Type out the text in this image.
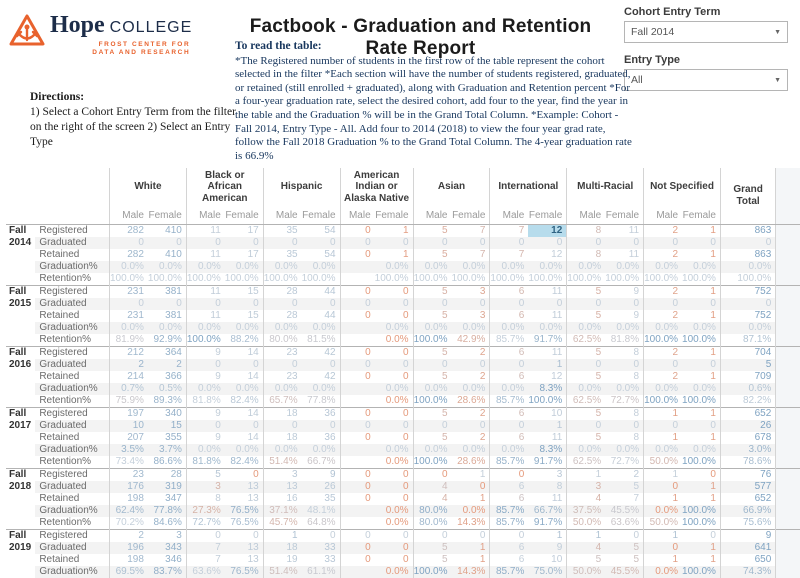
Hope COLLEGE
FROST CENTER FOR
DATA AND RESEARCH
Factbook - Graduation and Retention Rate Report
Cohort Entry Term
Fall 2014	▼
Entry Type
All	▼
Directions:
1) Select a Cohort Entry Term from the filter on the right of the screen 2) Select an Entry Type
To read the table:
*The Registered number of students in the first row of the table represent the cohort selected in the filter *Each section will have the number of students registered, graduated, or retained (still enrolled + graduated), along with Graduation and Retention percent *For a four-year graduation rate, select the desired cohort, add four to the year, find the year in the table and the Graduation % will be in the Grand Total Column. *Example: Cohort - Fall 2014, Entry Type - All. Add four to 2014 (2018) to view the four year grad rate, follow the Fall 2018 Graduation % to the Grand Total Column. The 4-year graduation rate is 66.9%
		White		Black or African American		Hispanic		American Indian or Alaska Native		Asian		International		Multi-Racial		Not Specified		Grand Total	
		Male	Female	Male	Female	Male	Female	Male	Female	Male	Female	Male	Female	Male	Female	Male	Female		

Fall
2014	Registered	282	410	11	17	35	54	0	1	5	7	7	12	8	11	2	1	863	
	Graduated	0	0	0	0	0	0	0	0	0	0	0	0	0	0	0	0	0	
	Retained	282	410	11	17	35	54	0	1	5	7	7	12	8	11	2	1	863	
	Graduation%	0.0%	0.0%	0.0%	0.0%	0.0%	0.0%		0.0%	0.0%	0.0%	0.0%	0.0%	0.0%	0.0%	0.0%	0.0%	0.0%	
	Retention%	100.0%	100.0%	100.0%	100.0%	100.0%	100.0%		100.0%	100.0%	100.0%	100.0%	100.0%	100.0%	100.0%	100.0%	100.0%	100.0%	

Fall
2015	Registered	231	381	11	15	28	44	0	0	5	3	6	11	5	9	2	1	752	
	Graduated	0	0	0	0	0	0	0	0	0	0	0	0	0	0	0	0	0	
	Retained	231	381	11	15	28	44	0	0	5	3	6	11	5	9	2	1	752	
	Graduation%	0.0%	0.0%	0.0%	0.0%	0.0%	0.0%		0.0%	0.0%	0.0%	0.0%	0.0%	0.0%	0.0%	0.0%	0.0%	0.0%	
	Retention%	81.9%	92.9%	100.0%	88.2%	80.0%	81.5%		0.0%	100.0%	42.9%	85.7%	91.7%	62.5%	81.8%	100.0%	100.0%	87.1%	

Fall
2016	Registered	212	364	9	14	23	42	0	0	5	2	6	11	5	8	2	1	704	
	Graduated	2	2	0	0	0	0	0	0	0	0	0	1	0	0	0	0	5	
	Retained	214	366	9	14	23	42	0	0	5	2	6	12	5	8	2	1	709	
	Graduation%	0.7%	0.5%	0.0%	0.0%	0.0%	0.0%		0.0%	0.0%	0.0%	0.0%	8.3%	0.0%	0.0%	0.0%	0.0%	0.6%	
	Retention%	75.9%	89.3%	81.8%	82.4%	65.7%	77.8%		0.0%	100.0%	28.6%	85.7%	100.0%	62.5%	72.7%	100.0%	100.0%	82.2%	

Fall
2017	Registered	197	340	9	14	18	36	0	0	5	2	6	10	5	8	1	1	652	
	Graduated	10	15	0	0	0	0	0	0	0	0	0	1	0	0	0	0	26	
	Retained	207	355	9	14	18	36	0	0	5	2	6	11	5	8	1	1	678	
	Graduation%	3.5%	3.7%	0.0%	0.0%	0.0%	0.0%		0.0%	0.0%	0.0%	0.0%	8.3%	0.0%	0.0%	0.0%	0.0%	3.0%	
	Retention%	73.4%	86.6%	81.8%	82.4%	51.4%	66.7%		0.0%	100.0%	28.6%	85.7%	91.7%	62.5%	72.7%	50.0%	100.0%	78.6%	

Fall
2018	Registered	23	28	5	0	3	9	0	0	0	1	0	3	1	2	1	0	76	
	Graduated	176	319	3	13	13	26	0	0	4	0	6	8	3	5	0	1	577	
	Retained	198	347	8	13	16	35	0	0	4	1	6	11	4	7	1	1	652	
	Graduation%	62.4%	77.8%	27.3%	76.5%	37.1%	48.1%		0.0%	80.0%	0.0%	85.7%	66.7%	37.5%	45.5%	0.0%	100.0%	66.9%	
	Retention%	70.2%	84.6%	72.7%	76.5%	45.7%	64.8%		0.0%	80.0%	14.3%	85.7%	91.7%	50.0%	63.6%	50.0%	100.0%	75.6%	

Fall
2019	Registered	2	3	0	0	1	0	0	0	0	0	0	1	1	0	1	0	9	
	Graduated	196	343	7	13	18	33	0	0	5	1	6	9	4	5	0	1	641	
	Retained	198	346	7	13	19	33	0	0	5	1	6	10	5	5	1	1	650	
	Graduation%	69.5%	83.7%	63.6%	76.5%	51.4%	61.1%		0.0%	100.0%	14.3%	85.7%	75.0%	50.0%	45.5%	0.0%	100.0%	74.3%	
